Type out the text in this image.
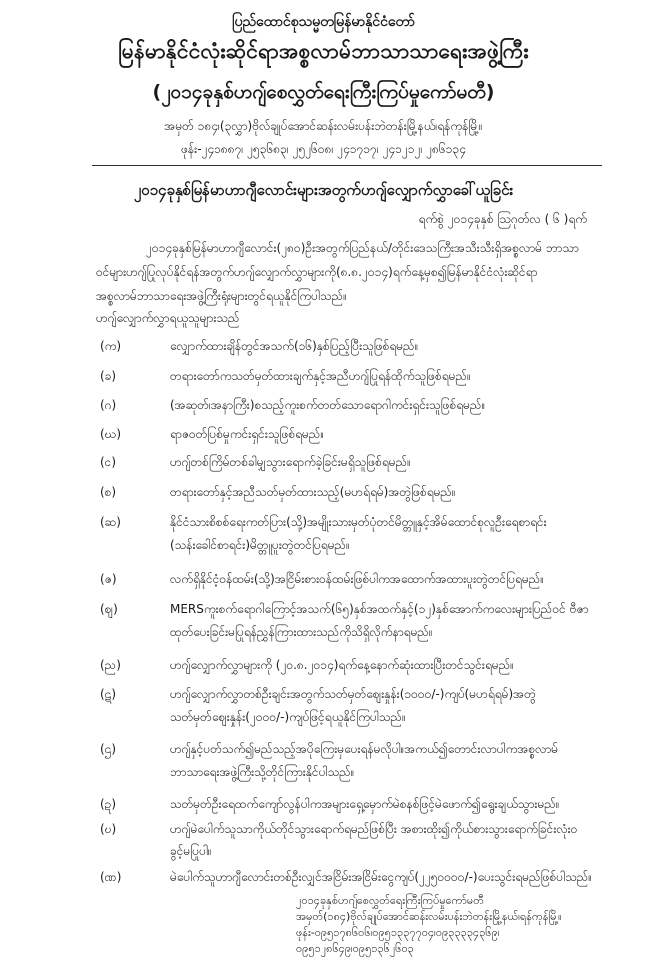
ပြည်ထောင်စုသမ္မတမြန်မာနိုင်ငံတော်
မြန်မာနိုင်ငံလုံးဆိုင်ရာအစ္စလာမ်ဘာသာသာရေးအဖွဲ့ကြီး
(၂၀၁၄ခုနှစ်ဟဂျ်စေလွှတ်ရေးကြီးကြပ်မှုကော်မတီ)
အမှတ် ၁၈၄၊(၃လွှာ)ဗိုလ်ချုပ်အောင်ဆန်းလမ်းပန်းဘဲတန်းမြို့နယ်၊ရန်ကုန်မြို့။
ဖုန်း-၂၄၁၈၈၇၊ ၂၅၃၆၈၃၊ ၂၅၂၆၀၈၊ ၂၄၁၇၁၇၊ ၂၄၁၂၁၂၊ ၂၈၆၁၃၄
၂၀၁၄ခုနှစ်မြန်မာဟာဂျီလောင်းများအတွက်ဟဂျ်လျှောက်လွှာခေါ်ယူခြင်း
ရက်စွဲ ၂၀၁၄ခုနှစ် ဩဂုတ်လ ( ၆ )ရက်

၂၀၁၄ခုနှစ်မြန်မာဟာဂျီလောင်း(၂၈၀)ဦးအတွက်ပြည်နယ်/တိုင်းဒေသကြီးအသီးသီးရှိအစ္စလာမ် ဘာသာ

ဝင်များဟဂျ်ပြုလုပ်နိုင်ရန်အတွက်ဟဂျ်လျှောက်လွှာများကို(၈.၈.၂၀၁၄)ရက်နေ့မှစ၍မြန်မာနိုင်ငံလုံးဆိုင်ရာ

အစ္စလာမ်ဘာသာရေးအဖွဲ့ကြီးရုံးများတွင်ရယူနိုင်ကြပါသည်။

ဟဂျ်လျှောက်လွှာရယူသူများသည်
(က)	လျှောက်ထားချိန်တွင်အသက်(၁၆)နှစ်ပြည့်ပြီးသူဖြစ်ရမည်။
(ခ)	တရားတော်ကသတ်မှတ်ထားချက်နှင့်အညီဟဂျ်ပြုရန်ထိုက်သူဖြစ်ရမည်။
(ဂ)	(အဆုတ်၊အနာကြီး)စသည့်ကူးစက်တတ်သောရောဂါကင်းရှင်းသူဖြစ်ရမည်။
(ဃ)	ရာဇဝတ်ပြစ်မှုကင်းရှင်းသူဖြစ်ရမည်။
(င)	ဟဂျ်တစ်ကြိမ်တစ်ခါမျှသွားရောက်ခဲ့ခြင်းမရှိသူဖြစ်ရမည်။
(စ)	တရားတော်နှင့်အညီသတ်မှတ်ထားသည့်(မဟရ်ရမ်)အတွဲဖြစ်ရမည်။
(ဆ)	နိုင်ငံသားစိစစ်ရေးကတ်ပြား(သို့)အမျိုးသားမှတ်ပုံတင်မိတ္တူနှင့်အိမ်ထောင်စုလူဦးရေစာရင်း
(သန်းခေါင်စာရင်း)မိတ္တူပူးတွဲတင်ပြရမည်။
(ဇ)	လက်ရှိနိုင်ငံ့ဝန်ထမ်း(သို့)အငြိမ်းစားဝန်ထမ်းဖြစ်ပါကအထောက်အထားပူးတွဲတင်ပြရမည်။
(ဈ)	MERSကူးစက်ရောဂါကြောင့်အသက်(၆၅)နှစ်အထက်နှင့်(၁၂)နှစ်အောက်ကလေးများပြည်ဝင် ဗီဇာ
ထုတ်ပေးခြင်းမပြုရန်ညွှန်ကြားထားသည်ကိုသိရှိလိုက်နာရမည်။
(ည)	ဟဂျ်လျှောက်လွှာများကို (၂၀.၈.၂၀၁၄)ရက်နေ့နောက်ဆုံးထားပြီးတင်သွင်းရမည်။
(ဋ)	ဟဂျ်လျှောက်လွှာတစ်ဦးချင်းအတွက်သတ်မှတ်ဈေးနှုန်း(၁၀၀၀/-)ကျပ်(မဟရ်ရမ်)အတွဲ
သတ်မှတ်ဈေးနှုန်း(၂၀၀၀/-)ကျပ်ဖြင့်ရယူနိုင်ကြပါသည်။
(ဌ)	ဟဂျ်နှင့်ပတ်သက်၍မည်သည့်အပိုကြေးမှပေးရန်မလိုပါ။အကယ်၍တောင်းလာပါကအစ္စလာမ်
ဘာသာရေးအဖွဲ့ကြီးသို့တိုင်ကြားနိုင်ပါသည်။
(ဍ)	သတ်မှတ်ဦးရေထက်ကျော်လွန်ပါကအများရှေ့မှောက်မဲစနစ်ဖြင့်မဲဖောက်၍ရွေးချယ်သွားမည်။
(ဎ)	ဟဂျ်မဲပေါက်သူသာကိုယ်တိုင်သွားရောက်ရမည်ဖြစ်ပြီး အစားထိုး၍ကိုယ်စားသွားရောက်ခြင်းလုံးဝ
ခွင့်မပြုပါ။
(ဏ)	မဲပေါက်သူဟာဂျီလောင်းတစ်ဦးလျှင်အငြိမ်းအငြိမ်းငွေကျပ်(၂၂၅၀၀၀၀/-)ပေးသွင်းရမည်ဖြစ်ပါသည်။

၂၀၁၄ခုနှစ်ဟဂျ်စေလွှတ်ရေးကြီးကြပ်မှုကော်မတီ

အမှတ်(၁၈၄)ဗိုလ်ချုပ်အောင်ဆန်းလမ်းပန်းဘဲတန်းမြို့နယ်၊ရန်ကုန်မြို့။

ဖုန်း-၀၉၅၁၇၈၆၀၆၊၀၉၅၁၃၃၇၇၀၄၊၀၉၃၃၃၃၄၃၆၉၊

၀၉၅၁၂၈၆၄၉၊၀၉၅၁၃၆၂၆၀၃
